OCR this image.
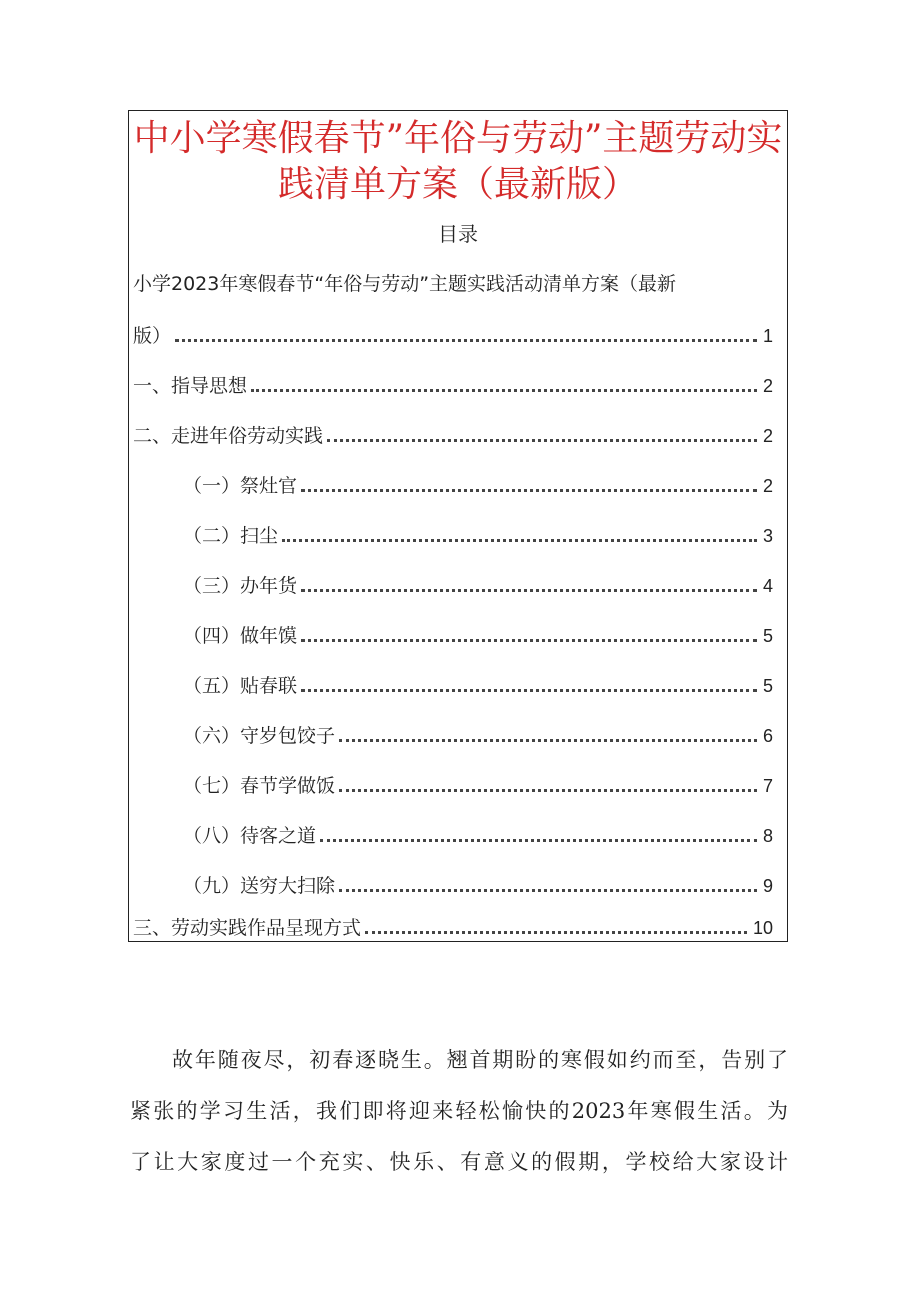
中小学寒假春节”年俗与劳动”主题劳动实
践清单方案（最新版）
目录
小学2023年寒假春节“年俗与劳动”主题实践活动清单方案（最新
版）	1
一、指导思想	2
二、走进年俗劳动实践	2
（一）祭灶官	2
（二）扫尘	3
（三）办年货	4
（四）做年馍	5
（五）贴春联	5
（六）守岁包饺子	6
（七）春节学做饭	7
（八）待客之道	8
（九）送穷大扫除	9
三、劳动实践作品呈现方式	10
故年随夜尽，初春逐晓生。翘首期盼的寒假如约而至，告别了
紧张的学习生活，我们即将迎来轻松愉快的2023年寒假生活。为
了让大家度过一个充实、快乐、有意义的假期，学校给大家设计
